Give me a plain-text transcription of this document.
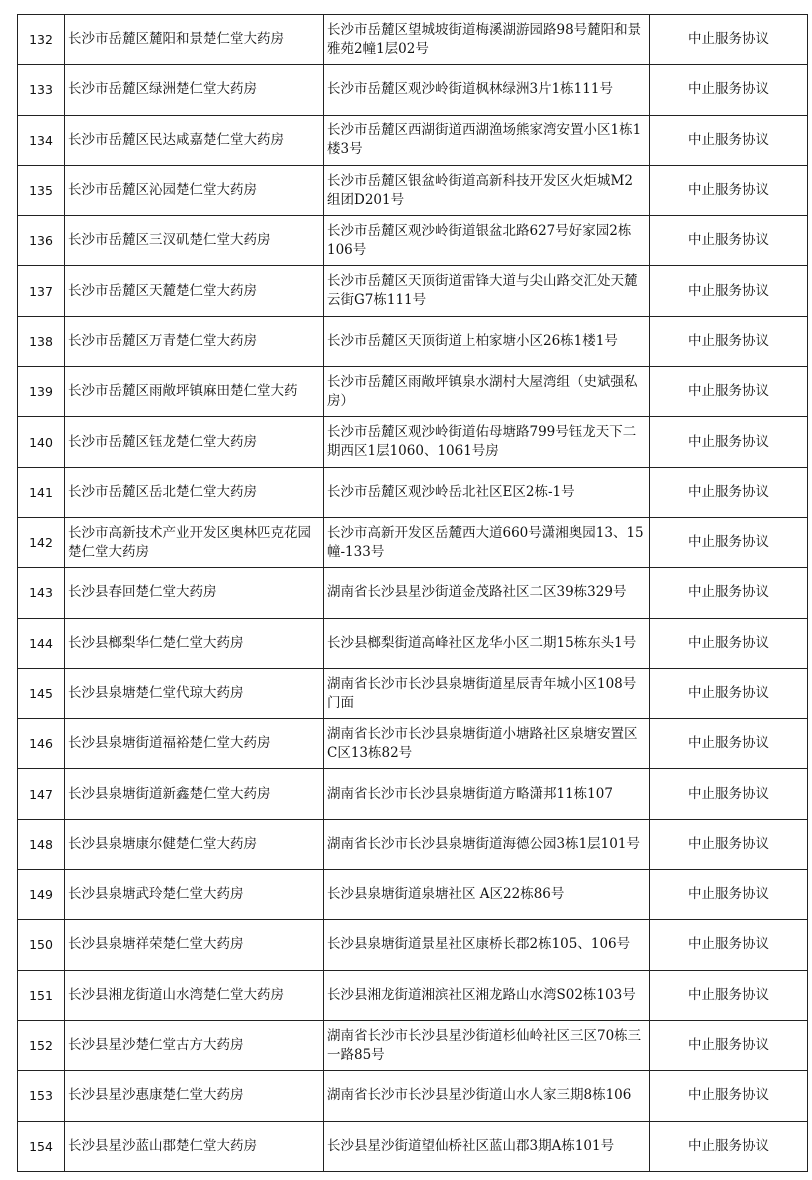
132	长沙市岳麓区麓阳和景楚仁堂大药房	长沙市岳麓区望城坡街道梅溪湖游园路98号麓阳和景雅苑2幢1层02号	中止服务协议
133	长沙市岳麓区绿洲楚仁堂大药房	长沙市岳麓区观沙岭街道枫林绿洲3片1栋111号	中止服务协议
134	长沙市岳麓区民达咸嘉楚仁堂大药房	长沙市岳麓区西湖街道西湖渔场熊家湾安置小区1栋1楼3号	中止服务协议
135	长沙市岳麓区沁园楚仁堂大药房	长沙市岳麓区银盆岭街道高新科技开发区火炬城M2组团D201号	中止服务协议
136	长沙市岳麓区三汊矶楚仁堂大药房	长沙市岳麓区观沙岭街道银盆北路627号好家园2栋106号	中止服务协议
137	长沙市岳麓区天麓楚仁堂大药房	长沙市岳麓区天顶街道雷锋大道与尖山路交汇处天麓云街G7栋111号	中止服务协议
138	长沙市岳麓区万青楚仁堂大药房	长沙市岳麓区天顶街道上柏家塘小区26栋1楼1号	中止服务协议
139	长沙市岳麓区雨敞坪镇麻田楚仁堂大药	长沙市岳麓区雨敞坪镇泉水湖村大屋湾组（史斌强私房）	中止服务协议
140	长沙市岳麓区钰龙楚仁堂大药房	长沙市岳麓区观沙岭街道佑母塘路799号钰龙天下二期西区1层1060、1061号房	中止服务协议
141	长沙市岳麓区岳北楚仁堂大药房	长沙市岳麓区观沙岭岳北社区E区2栋-1号	中止服务协议
142	长沙市高新技术产业开发区奥林匹克花园楚仁堂大药房	长沙市高新开发区岳麓西大道660号潇湘奥园13、15幢-133号	中止服务协议
143	长沙县春回楚仁堂大药房	湖南省长沙县星沙街道金茂路社区二区39栋329号	中止服务协议
144	长沙县榔梨华仁楚仁堂大药房	长沙县榔梨街道高峰社区龙华小区二期15栋东头1号	中止服务协议
145	长沙县泉塘楚仁堂代琼大药房	湖南省长沙市长沙县泉塘街道星辰青年城小区108号门面	中止服务协议
146	长沙县泉塘街道福裕楚仁堂大药房	湖南省长沙市长沙县泉塘街道小塘路社区泉塘安置区C区13栋82号	中止服务协议
147	长沙县泉塘街道新鑫楚仁堂大药房	湖南省长沙市长沙县泉塘街道方略潇邦11栋107	中止服务协议
148	长沙县泉塘康尔健楚仁堂大药房	湖南省长沙市长沙县泉塘街道海德公园3栋1层101号	中止服务协议
149	长沙县泉塘武玲楚仁堂大药房	长沙县泉塘街道泉塘社区 A区22栋86号	中止服务协议
150	长沙县泉塘祥荣楚仁堂大药房	长沙县泉塘街道景星社区康桥长郡2栋105、106号	中止服务协议
151	长沙县湘龙街道山水湾楚仁堂大药房	长沙县湘龙街道湘滨社区湘龙路山水湾S02栋103号	中止服务协议
152	长沙县星沙楚仁堂古方大药房	湖南省长沙市长沙县星沙街道杉仙岭社区三区70栋三一路85号	中止服务协议
153	长沙县星沙惠康楚仁堂大药房	湖南省长沙市长沙县星沙街道山水人家三期8栋106	中止服务协议
154	长沙县星沙蓝山郡楚仁堂大药房	长沙县星沙街道望仙桥社区蓝山郡3期A栋101号	中止服务协议
